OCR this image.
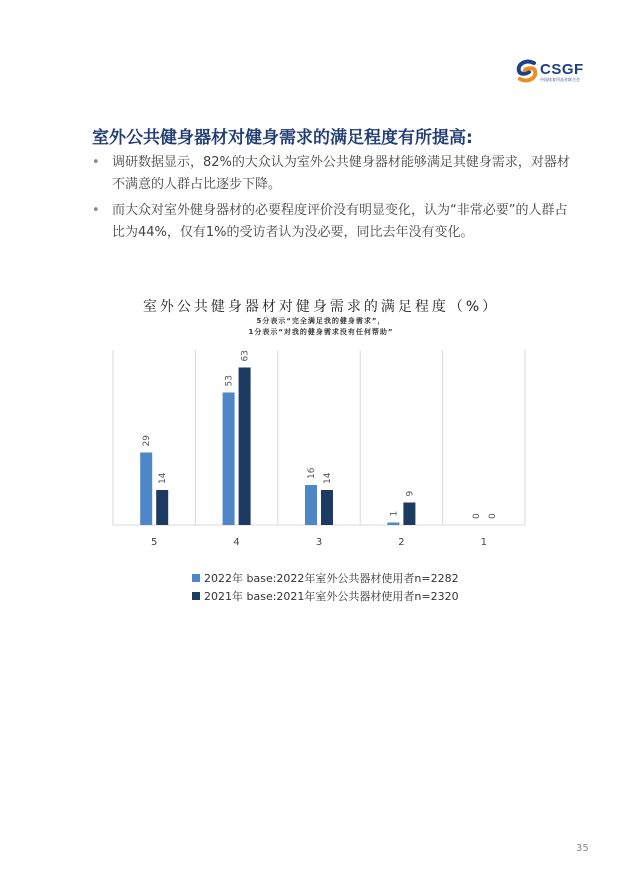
CSGF
中国体育用品业联合会
室外公共健身器材对健身需求的满足程度有所提高:
• 调研数据显示，82%的大众认为室外公共健身器材能够满足其健身需求，对器材不满意的人群占比逐步下降。
• 而大众对室外健身器材的必要程度评价没有明显变化，认为“非常必要”的人群占比为44%，仅有1%的受访者认为没必要，同比去年没有变化。
室外公共健身器材对健身需求的满足程度（%）
5分表示“完全满足我的健身需求”，
1分表示“对我的健身需求没有任何帮助”
29
14
5
53
63
4
16 14
3
1
9
2
0 0
1
2022年 base:2022年室外公共器材使用者n=2282
2021年 base:2021年室外公共器材使用者n=2320
35
